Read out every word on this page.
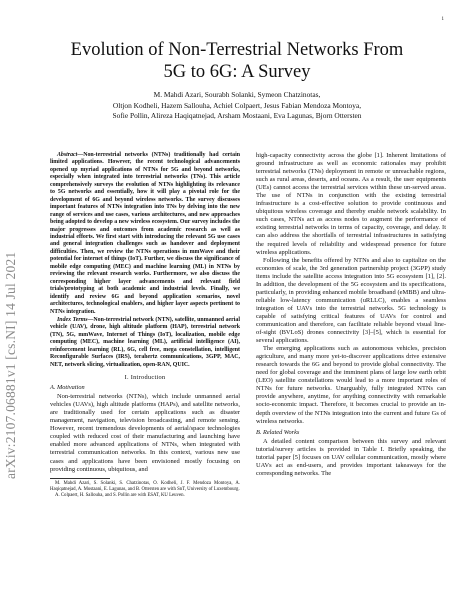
1
arXiv:2107.06881v1 [cs.NI] 14 Jul 2021
Evolution of Non-Terrestrial Networks From 5G to 6G: A Survey
M. Mahdi Azari, Sourabh Solanki, Symeon Chatzinotas,
Oltjon Kodheli, Hazem Sallouha, Achiel Colpaert, Jesus Fabian Mendoza Montoya,
Sofie Pollin, Alireza Haqiqatnejad, Arsham Mostaani, Eva Lagunas, Bjorn Ottersten

Abstract—Non-terrestrial networks (NTNs) traditionally had certain limited applications. However, the recent technological advancements opened up myriad applications of NTNs for 5G and beyond networks, especially when integrated into terrestrial networks (TNs). This article comprehensively surveys the evolution of NTNs highlighting its relevance to 5G networks and essentially, how it will play a pivotal role for the development of 6G and beyond wireless networks. The survey discusses important features of NTNs integration into TNs by delving into the new range of services and use cases, various architectures, and new approaches being adopted to develop a new wireless ecosystem. Our survey includes the major progresses and outcomes from academic research as well as industrial efforts. We first start with introducing the relevant 5G use cases and general integration challenges such as handover and deployment difficulties. Then, we review the NTNs operations in mmWave and their potential for internet of things (IoT). Further, we discuss the significance of mobile edge computing (MEC) and machine learning (ML) in NTNs by reviewing the relevant research works. Furthermore, we also discuss the corresponding higher layer advancements and relevant field trials/prototyping at both academic and industrial levels. Finally, we identify and review 6G and beyond application scenarios, novel architectures, technological enablers, and higher layer aspects pertinent to NTNs integration.

Index Terms—Non-terrestrial network (NTN), satellite, unmanned aerial vehicle (UAV), drone, high altitude platform (HAP), terrestrial network (TN), 5G, mmWave, Internet of Things (IoT), localization, mobile edge computing (MEC), machine learning (ML), artificial intelligence (AI), reinforcement learning (RL), 6G, cell free, mega constellation, intelligent Reconfigurable Surfaces (IRS), terahertz communications, 3GPP, MAC, NET, network slicing, virtualization, open-RAN, QUIC.

I. Introduction
A. Motivation

Non-terrestrial networks (NTNs), which include unmanned aerial vehicles (UAVs), high altitude platforms (HAPs), and satellite networks, are traditionally used for certain applications such as disaster management, navigation, television broadcasting, and remote sensing. However, recent tremendous developments of aerial/space technologies coupled with reduced cost of their manufacturing and launching have enabled more advanced applications of NTNs, when integrated with terrestrial communication networks. In this context, various new use cases and applications have been envisioned mostly focusing on providing continuous, ubiquitous, and

M. Mahdi Azari, S. Solanki, S. Chatzinotas, O. Kodheli, J. F. Mendoza Montoya, A. Haqiqatnejad, A. Mostaani, E. Lagunas, and B. Ottersten are with SnT, University of Luxembourg.

A. Colpaert, H. Sallouha, and S. Pollin are with ESAT, KU Leuven.

high-capacity connectivity across the globe [1]. Inherent limitations of ground infrastructure as well as economic rationales may prohibit terrestrial networks (TNs) deployment in remote or unreachable regions, such as rural areas, deserts, and oceans. As a result, the user equipments (UEs) cannot access the terrestrial services within these un-served areas. The use of NTNs in conjunction with the existing terrestrial infrastructure is a cost-effective solution to provide continuous and ubiquitous wireless coverage and thereby enable network scalability. In such cases, NTNs act as access nodes to augment the performance of existing terrestrial networks in terms of capacity, coverage, and delay. It can also address the shortfalls of terrestrial infrastructures in satisfying the required levels of reliability and widespread presence for future wireless applications.

Following the benefits offered by NTNs and also to capitalize on the economies of scale, the 3rd generation partnership project (3GPP) study items include the satellite access integration into 5G ecosystem [1], [2]. In addition, the development of the 5G ecosystem and its specifications, particularly, in providing enhanced mobile broadband (eMBB) and ultra-reliable low-latency communication (uRLLC), enables a seamless integration of UAVs into the terrestrial networks. 5G technology is capable of satisfying critical features of UAVs for control and communication and therefore, can facilitate reliable beyond visual line-of-sight (BVLoS) drones connectivity [3]–[5], which is essential for several applications.

The emerging applications such as autonomous vehicles, precision agriculture, and many more yet-to-discover applications drive extensive research towards the 6G and beyond to provide global connectivity. The need for global coverage and the imminent plans of large low earth orbit (LEO) satellite constellations would lead to a more important roles of NTNs for future networks. Unarguably, fully integrated NTNs can provide anywhere, anytime, for anything connectivity with remarkable socio-economic impact. Therefore, it becomes crucial to provide an in-depth overview of the NTNs integration into the current and future Gs of wireless networks.

B. Related Works

A detailed content comparison between this survey and relevant tutorial/survey articles is provided in Table I. Briefly speaking, the tutorial paper [5] focuses on UAV cellular communication, mostly where UAVs act as end-users, and provides important takeaways for the corresponding networks. The
